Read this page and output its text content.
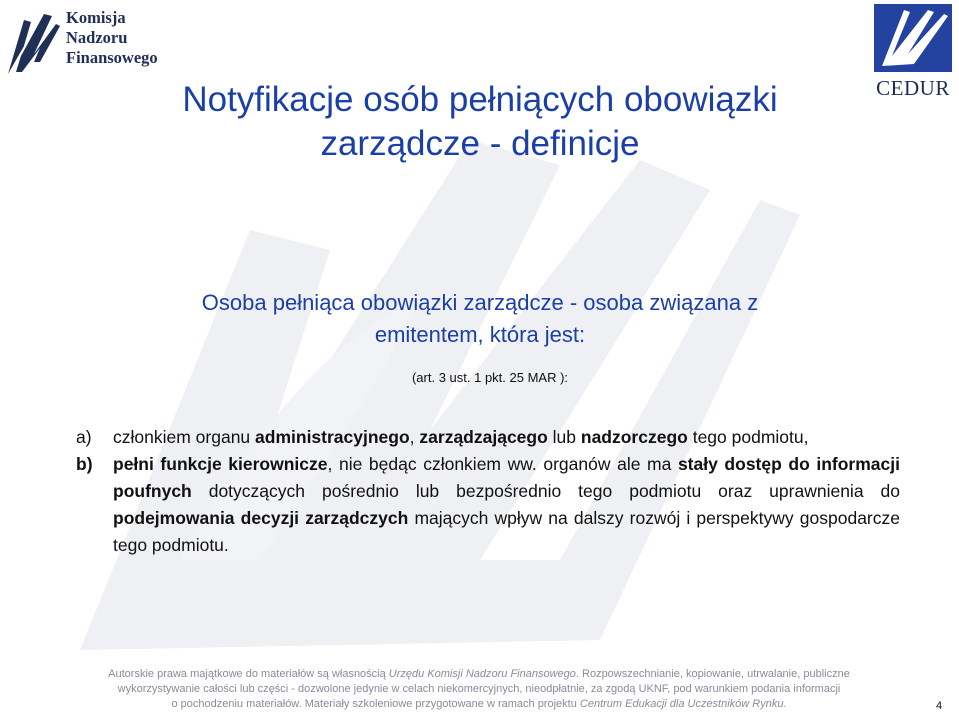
Komisja
Nadzoru
Finansowego
CEDUR
Notyfikacje osób pełniących obowiązki
zarządcze - definicje

Osoba pełniąca obowiązki zarządcze - osoba związana z
emitentem, która jest:

(art. 3 ust. 1 pkt. 25 MAR ):

a) członkiem organu administracyjnego, zarządzającego lub nadzorczego tego podmiotu,
b) pełni funkcje kierownicze, nie będąc członkiem ww. organów ale ma stały dostęp do informacji poufnych dotyczących pośrednio lub bezpośrednio tego podmiotu oraz uprawnienia do podejmowania decyzji zarządczych mających wpływ na dalszy rozwój i perspektywy gospodarcze tego podmiotu.

Autorskie prawa majątkowe do materiałów są własnością Urzędu Komisji Nadzoru Finansowego. Rozpowszechnianie, kopiowanie, utrwalanie, publiczne

wykorzystywanie całości lub części - dozwolone jedynie w celach niekomercyjnych, nieodpłatnie, za zgodą UKNF, pod warunkiem podania informacji

o pochodzeniu materiałów. Materiały szkoleniowe przygotowane w ramach projektu Centrum Edukacji dla Uczestników Rynku.	4
